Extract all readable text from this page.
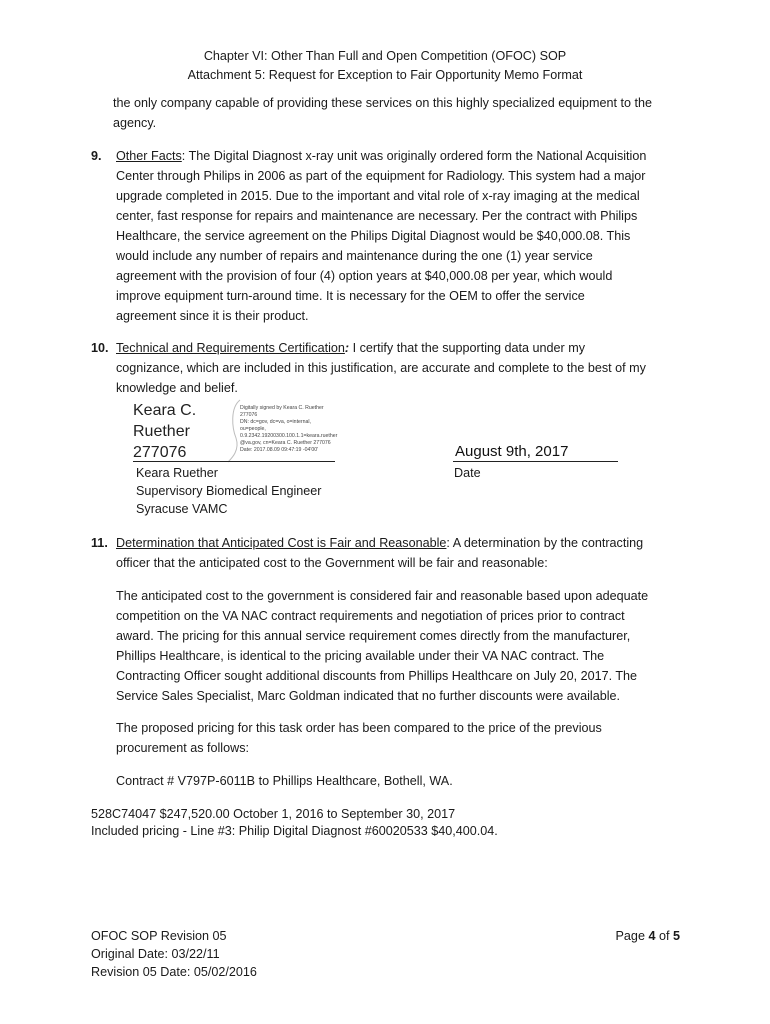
Chapter VI: Other Than Full and Open Competition (OFOC) SOP
Attachment 5: Request for Exception to Fair Opportunity Memo Format
the only company capable of providing these services on this highly specialized equipment to the
agency.
9. Other Facts: The Digital Diagnost x-ray unit was originally ordered form the National Acquisition
Center through Philips in 2006 as part of the equipment for Radiology. This system had a major
upgrade completed in 2015. Due to the important and vital role of x-ray imaging at the medical
center, fast response for repairs and maintenance are necessary. Per the contract with Philips
Healthcare, the service agreement on the Philips Digital Diagnost would be $40,000.08. This
would include any number of repairs and maintenance during the one (1) year service
agreement with the provision of four (4) option years at $40,000.08 per year, which would
improve equipment turn-around time. It is necessary for the OEM to offer the service
agreement since it is their product.
10. Technical and Requirements Certification: I certify that the supporting data under my
cognizance, which are included in this justification, are accurate and complete to the best of my
knowledge and belief.
Keara C.
Ruether
277076
Digitally signed by Keara C. Ruether
277076
DN: dc=gov, dc=va, o=internal,
ou=people,
0.9.2342.19200300.100.1.1=keara.ruether
@va.gov, cn=Keara C. Ruether 277076
Date: 2017.08.09 09:47:19 -04'00'	August 9th, 2017
Date
Keara Ruether
Supervisory Biomedical Engineer
Syracuse VAMC
11. Determination that Anticipated Cost is Fair and Reasonable: A determination by the contracting
officer that the anticipated cost to the Government will be fair and reasonable:
The anticipated cost to the government is considered fair and reasonable based upon adequate
competition on the VA NAC contract requirements and negotiation of prices prior to contract
award. The pricing for this annual service requirement comes directly from the manufacturer,
Phillips Healthcare, is identical to the pricing available under their VA NAC contract. The
Contracting Officer sought additional discounts from Phillips Healthcare on July 20, 2017. The
Service Sales Specialist, Marc Goldman indicated that no further discounts were available.
The proposed pricing for this task order has been compared to the price of the previous
procurement as follows:
Contract # V797P-6011B to Phillips Healthcare, Bothell, WA.
528C74047 $247,520.00 October 1, 2016 to September 30, 2017
Included pricing - Line #3: Philip Digital Diagnost #60020533 $40,400.04.
OFOC SOP Revision 05
Original Date: 03/22/11
Revision 05 Date: 05/02/2016
Page 4 of 5
